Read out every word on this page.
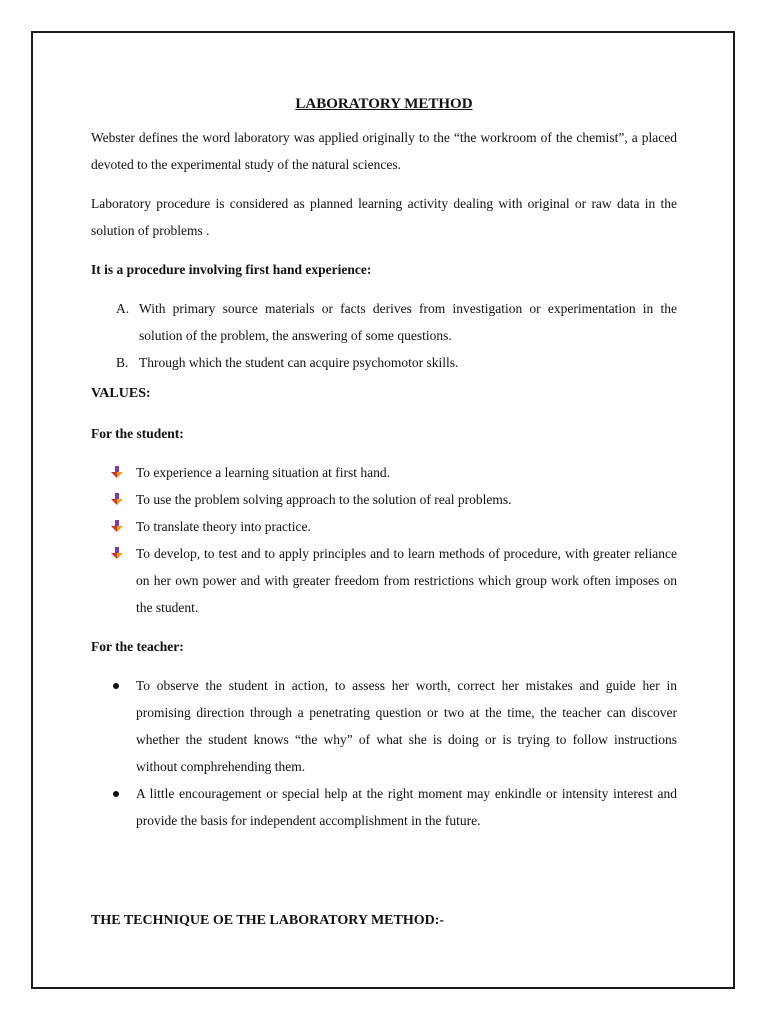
LABORATORY METHOD

Webster defines the word laboratory was applied originally to the “the workroom of the chemist”, a placed devoted to the experimental study of the natural sciences.

Laboratory procedure is considered as planned learning activity dealing with original or raw data in the solution of problems .

It is a procedure involving first hand experience:

A. With primary source materials or facts derives from investigation or experimentation in the solution of the problem, the answering of some questions.
B. Through which the student can acquire psychomotor skills.

VALUES:

For the student:

To experience a learning situation at first hand.
To use the problem solving approach to the solution of real problems.
To translate theory into practice.
To develop, to test and to apply principles and to learn methods of procedure, with greater reliance on her own power and with greater freedom from restrictions which group work often imposes on the student.

For the teacher:

To observe the student in action, to assess her worth, correct her mistakes and guide her in promising direction through a penetrating question or two at the time, the teacher can discover whether the student knows “the why” of what she is doing or is trying to follow instructions without comphrehending them.
A little encouragement or special help at the right moment may enkindle or intensity interest and provide the basis for independent accomplishment in the future.
THE TECHNIQUE OE THE LABORATORY METHOD:-
